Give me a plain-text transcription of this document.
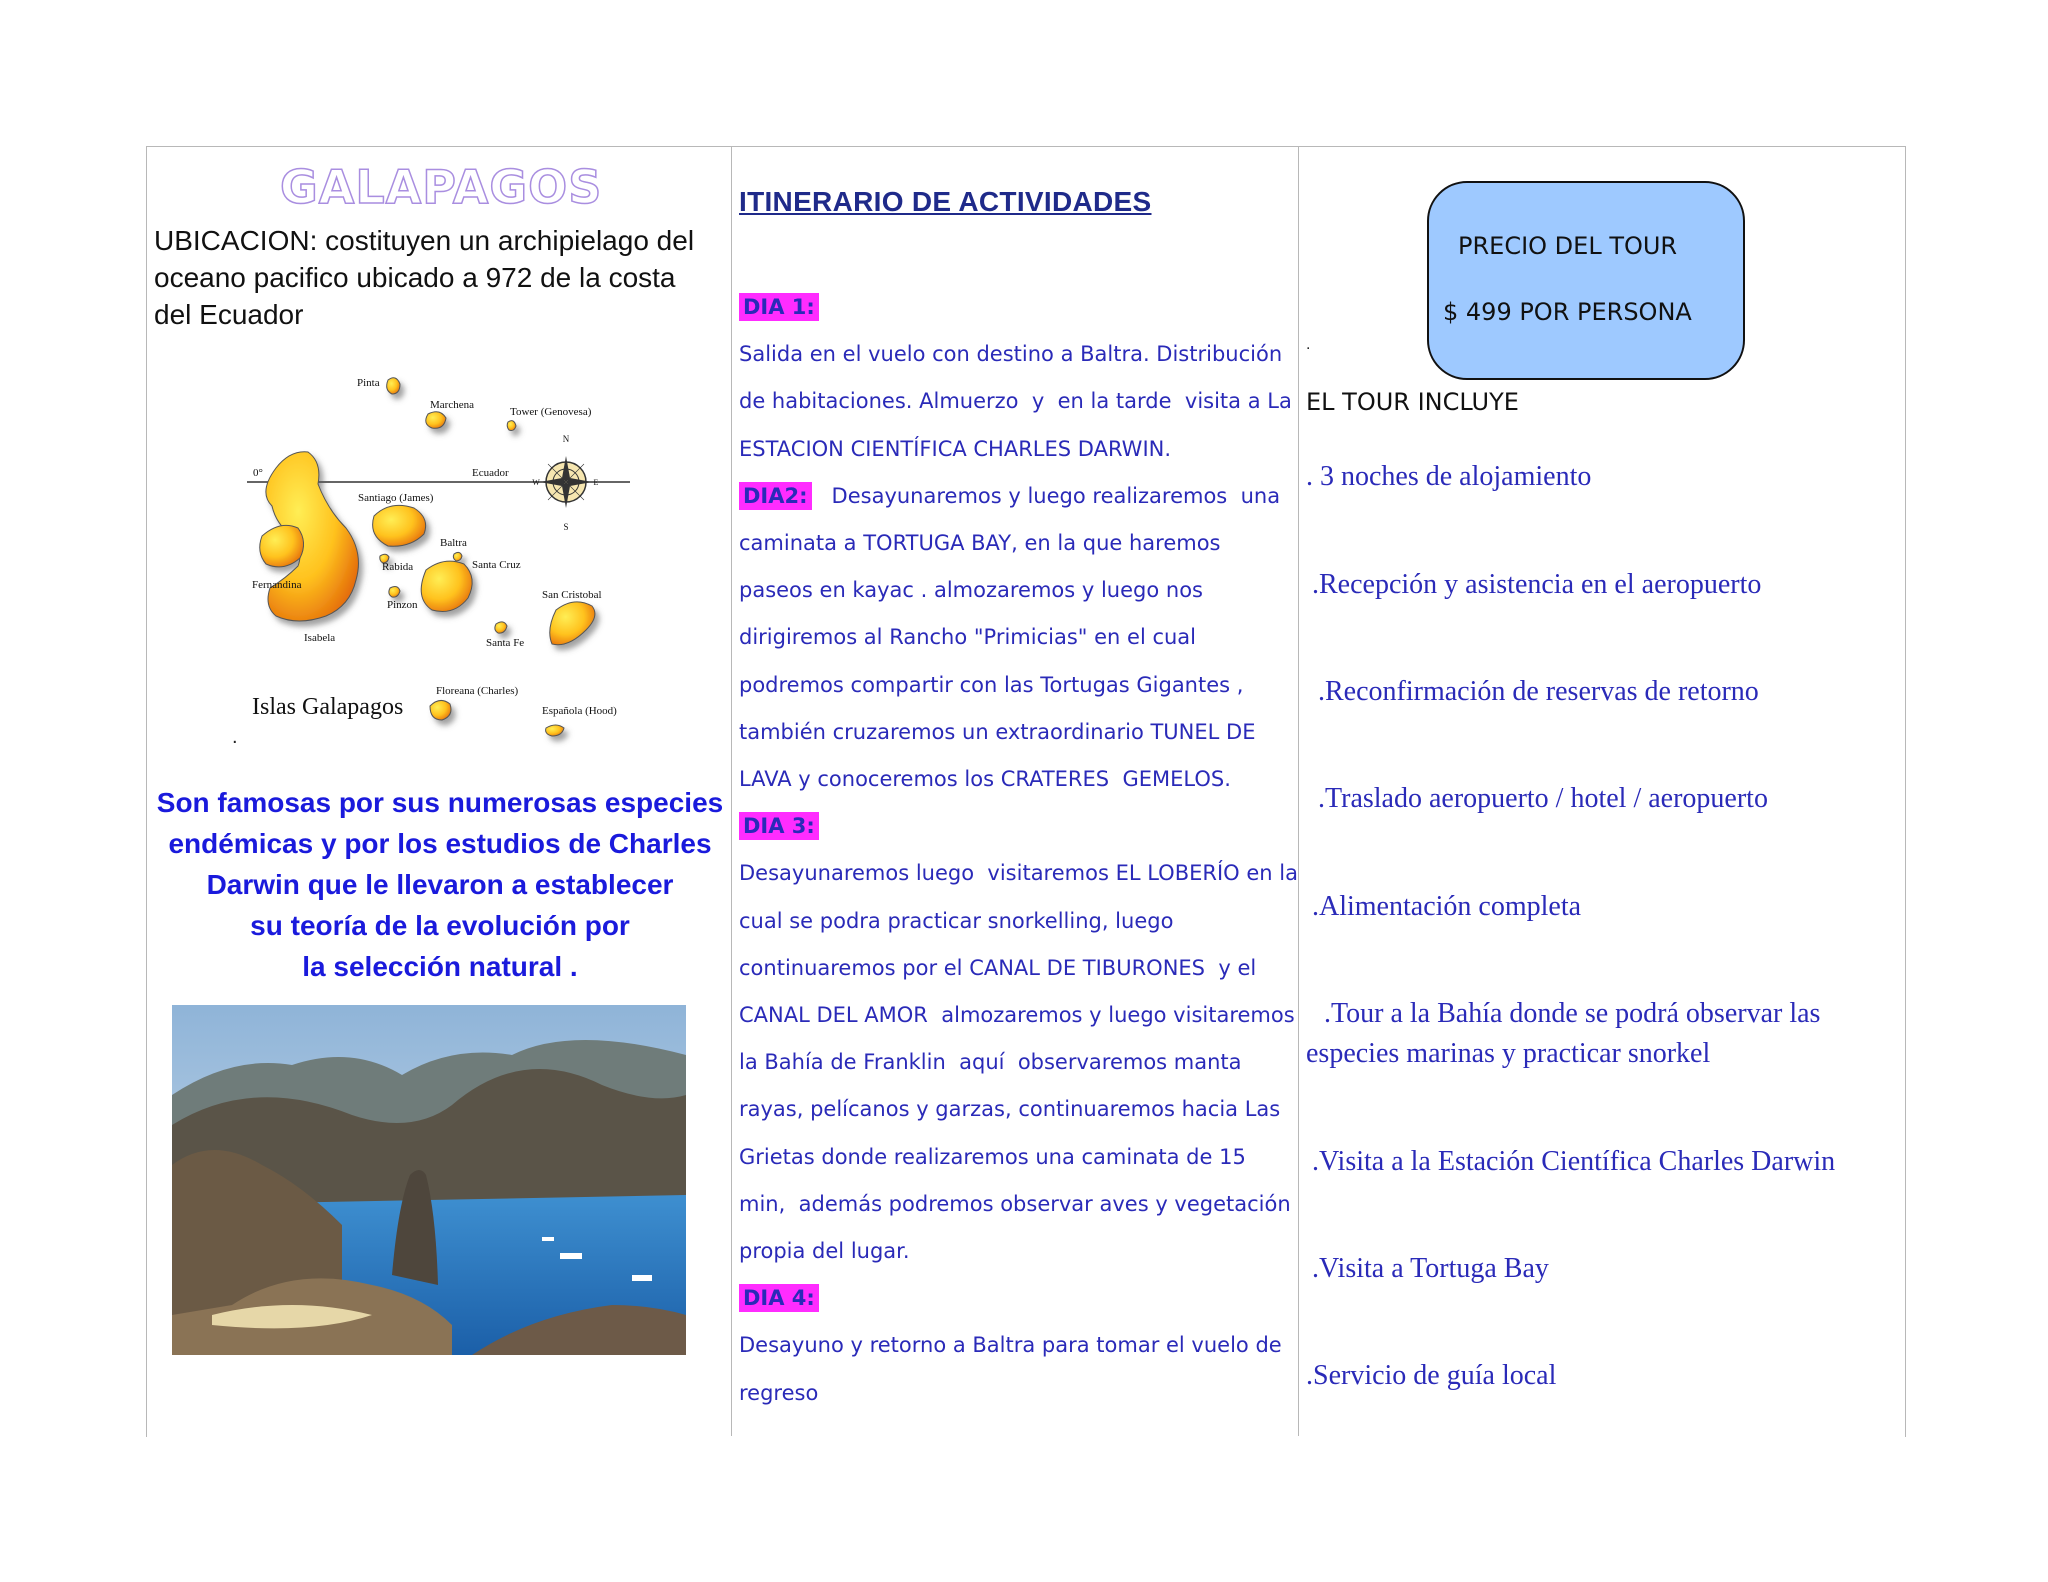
GALAPAGOS
UBICACION: costituyen un archipielago del oceano pacifico ubicado a 972 de la costa del Ecuador
N
S
W	E
0°	Ecuador
Pinta
Marchena
Tower (Genovesa)
Santiago (James)
Baltra
Rabida	Santa Cruz
Fernandina
San Cristobal
Pinzon
Isabela	Santa Fe
Floreana (Charles)
Española (Hood)
Islas Galapagos
.
Son famosas por sus numerosas especies
endémicas y por los estudios de Charles
Darwin que le llevaron a establecer
su teoría de la evolución por
la selección natural .
ITINERARIO DE ACTIVIDADES

DIA 1:

Salida en el vuelo con destino a Baltra. Distribución

de habitaciones. Almuerzo  y  en la tarde  visita a La

ESTACION CIENTÍFICA CHARLES DARWIN.

DIA2:   Desayunaremos y luego realizaremos  una

caminata a TORTUGA BAY, en la que haremos

paseos en kayac . almozaremos y luego nos

dirigiremos al Rancho "Primicias" en el cual

podremos compartir con las Tortugas Gigantes ,

también cruzaremos un extraordinario TUNEL DE

LAVA y conoceremos los CRATERES  GEMELOS.

DIA 3:

Desayunaremos luego  visitaremos EL LOBERÍO en la

cual se podra practicar snorkelling, luego

continuaremos por el CANAL DE TIBURONES  y el

CANAL DEL AMOR  almozaremos y luego visitaremos

la Bahía de Franklin  aquí  observaremos manta

rayas, pelícanos y garzas, continuaremos hacia Las

Grietas donde realizaremos una caminata de 15

min,  además podremos observar aves y vegetación

propia del lugar.

DIA 4:

Desayuno y retorno a Baltra para tomar el vuelo de

regreso

PRECIO DEL TOUR
$ 499 POR PERSONA
.
EL TOUR INCLUYE
. 3 noches de alojamiento
.Recepción y asistencia en el aeropuerto
.Reconfirmación de reservas de retorno
.Traslado aeropuerto / hotel / aeropuerto
.Alimentación completa
.Tour a la Bahía donde se podrá observar las
especies marinas y practicar snorkel
.Visita a la Estación Científica Charles Darwin
.Visita a Tortuga Bay
.Servicio de guía local
